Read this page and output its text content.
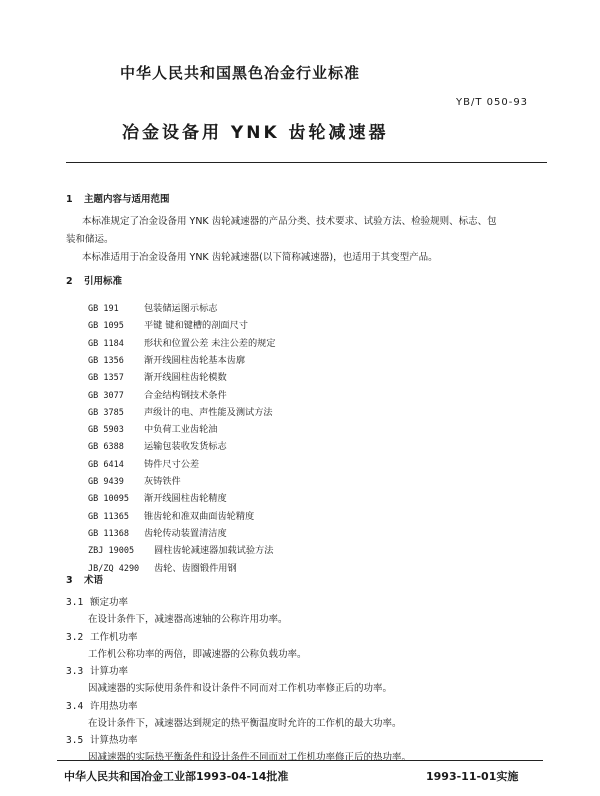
中华人民共和国黑色冶金行业标准
YB/T 050-93
冶金设备用 YNK 齿轮减速器
1 主题内容与适用范围
本标准规定了冶金设备用 YNK 齿轮减速器的产品分类、技术要求、试验方法、检验规则、标志、包
装和储运。
本标准适用于冶金设备用 YNK 齿轮减速器(以下简称减速器)，也适用于其变型产品。
2 引用标准
GB 191	包装储运图示标志
GB 1095 平键 键和键槽的剖面尺寸
GB 1184 形状和位置公差 未注公差的规定
GB 1356 渐开线圆柱齿轮基本齿廓
GB 1357 渐开线圆柱齿轮模数
GB 3077 合金结构钢技术条件
GB 3785 声级计的电、声性能及测试方法
GB 5903 中负荷工业齿轮油
GB 6388 运输包装收发货标志
GB 6414 铸件尺寸公差
GB 9439 灰铸铁件
GB 10095 渐开线圆柱齿轮精度
GB 11365 锥齿轮和准双曲面齿轮精度
GB 11368 齿轮传动装置清洁度
ZBJ 19005 圆柱齿轮减速器加载试验方法
JB/ZQ 4290 齿轮、齿圈锻件用钢
3 术语
3.1 额定功率
在设计条件下，减速器高速轴的公称许用功率。
3.2 工作机功率
工作机公称功率的两倍，即减速器的公称负载功率。
3.3 计算功率
因减速器的实际使用条件和设计条件不同而对工作机功率修正后的功率。
3.4 许用热功率
在设计条件下，减速器达到规定的热平衡温度时允许的工作机的最大功率。
3.5 计算热功率
因减速器的实际热平衡条件和设计条件不同而对工作机功率修正后的热功率。
中华人民共和国冶金工业部1993-04-14批准	1993-11-01实施
